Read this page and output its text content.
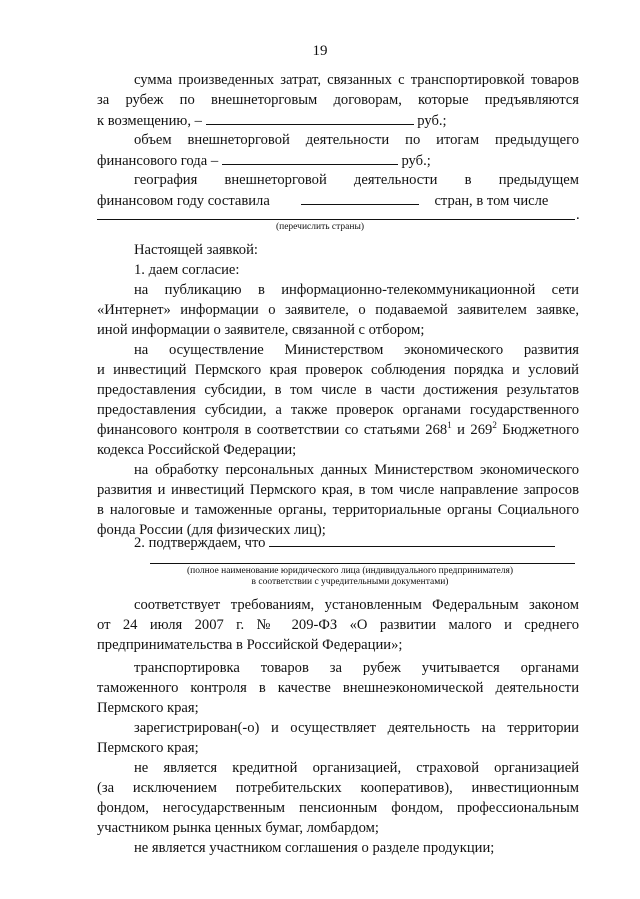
19
сумма произведенных затрат, связанных с транспортировкой товаров
за рубеж по внешнеторговым договорам, которые предъявляются
к возмещению, –	руб.;
объем внешнеторговой деятельности по итогам предыдущего
финансового года –	руб.;
география внешнеторговой деятельности в предыдущем
финансовом году составила	стран, в том числе
.
(перечислить страны)
Настоящей заявкой:
1. даем согласие:
на публикацию в информационно-телекоммуникационной сети
«Интернет» информации о заявителе, о подаваемой заявителем заявке,
иной информации о заявителе, связанной с отбором;
на осуществление Министерством экономического развития
и инвестиций Пермского края проверок соблюдения порядка и условий
предоставления субсидии, в том числе в части достижения результатов
предоставления субсидии, а также проверок органами государственного
финансового контроля в соответствии со статьями $268^1$ и $269^2$ Бюджетного
кодекса Российской Федерации;
на обработку персональных данных Министерством экономического
развития и инвестиций Пермского края, в том числе направление запросов
в налоговые и таможенные органы, территориальные органы Социального
фонда России (для физических лиц);
2. подтверждаем, что
(полное наименование юридического лица (индивидуального предпринимателя)
в соответствии с учредительными документами)
соответствует требованиям, установленным Федеральным законом
от 24 июля 2007 г. № 209-ФЗ «О развитии малого и среднего
предпринимательства в Российской Федерации»;
транспортировка товаров за рубеж учитывается органами
таможенного контроля в качестве внешнеэкономической деятельности
Пермского края;
зарегистрирован(-о) и осуществляет деятельность на территории
Пермского края;
не является кредитной организацией, страховой организацией
(за исключением потребительских кооперативов), инвестиционным
фондом, негосударственным пенсионным фондом, профессиональным
участником рынка ценных бумаг, ломбардом;
не является участником соглашения о разделе продукции;
